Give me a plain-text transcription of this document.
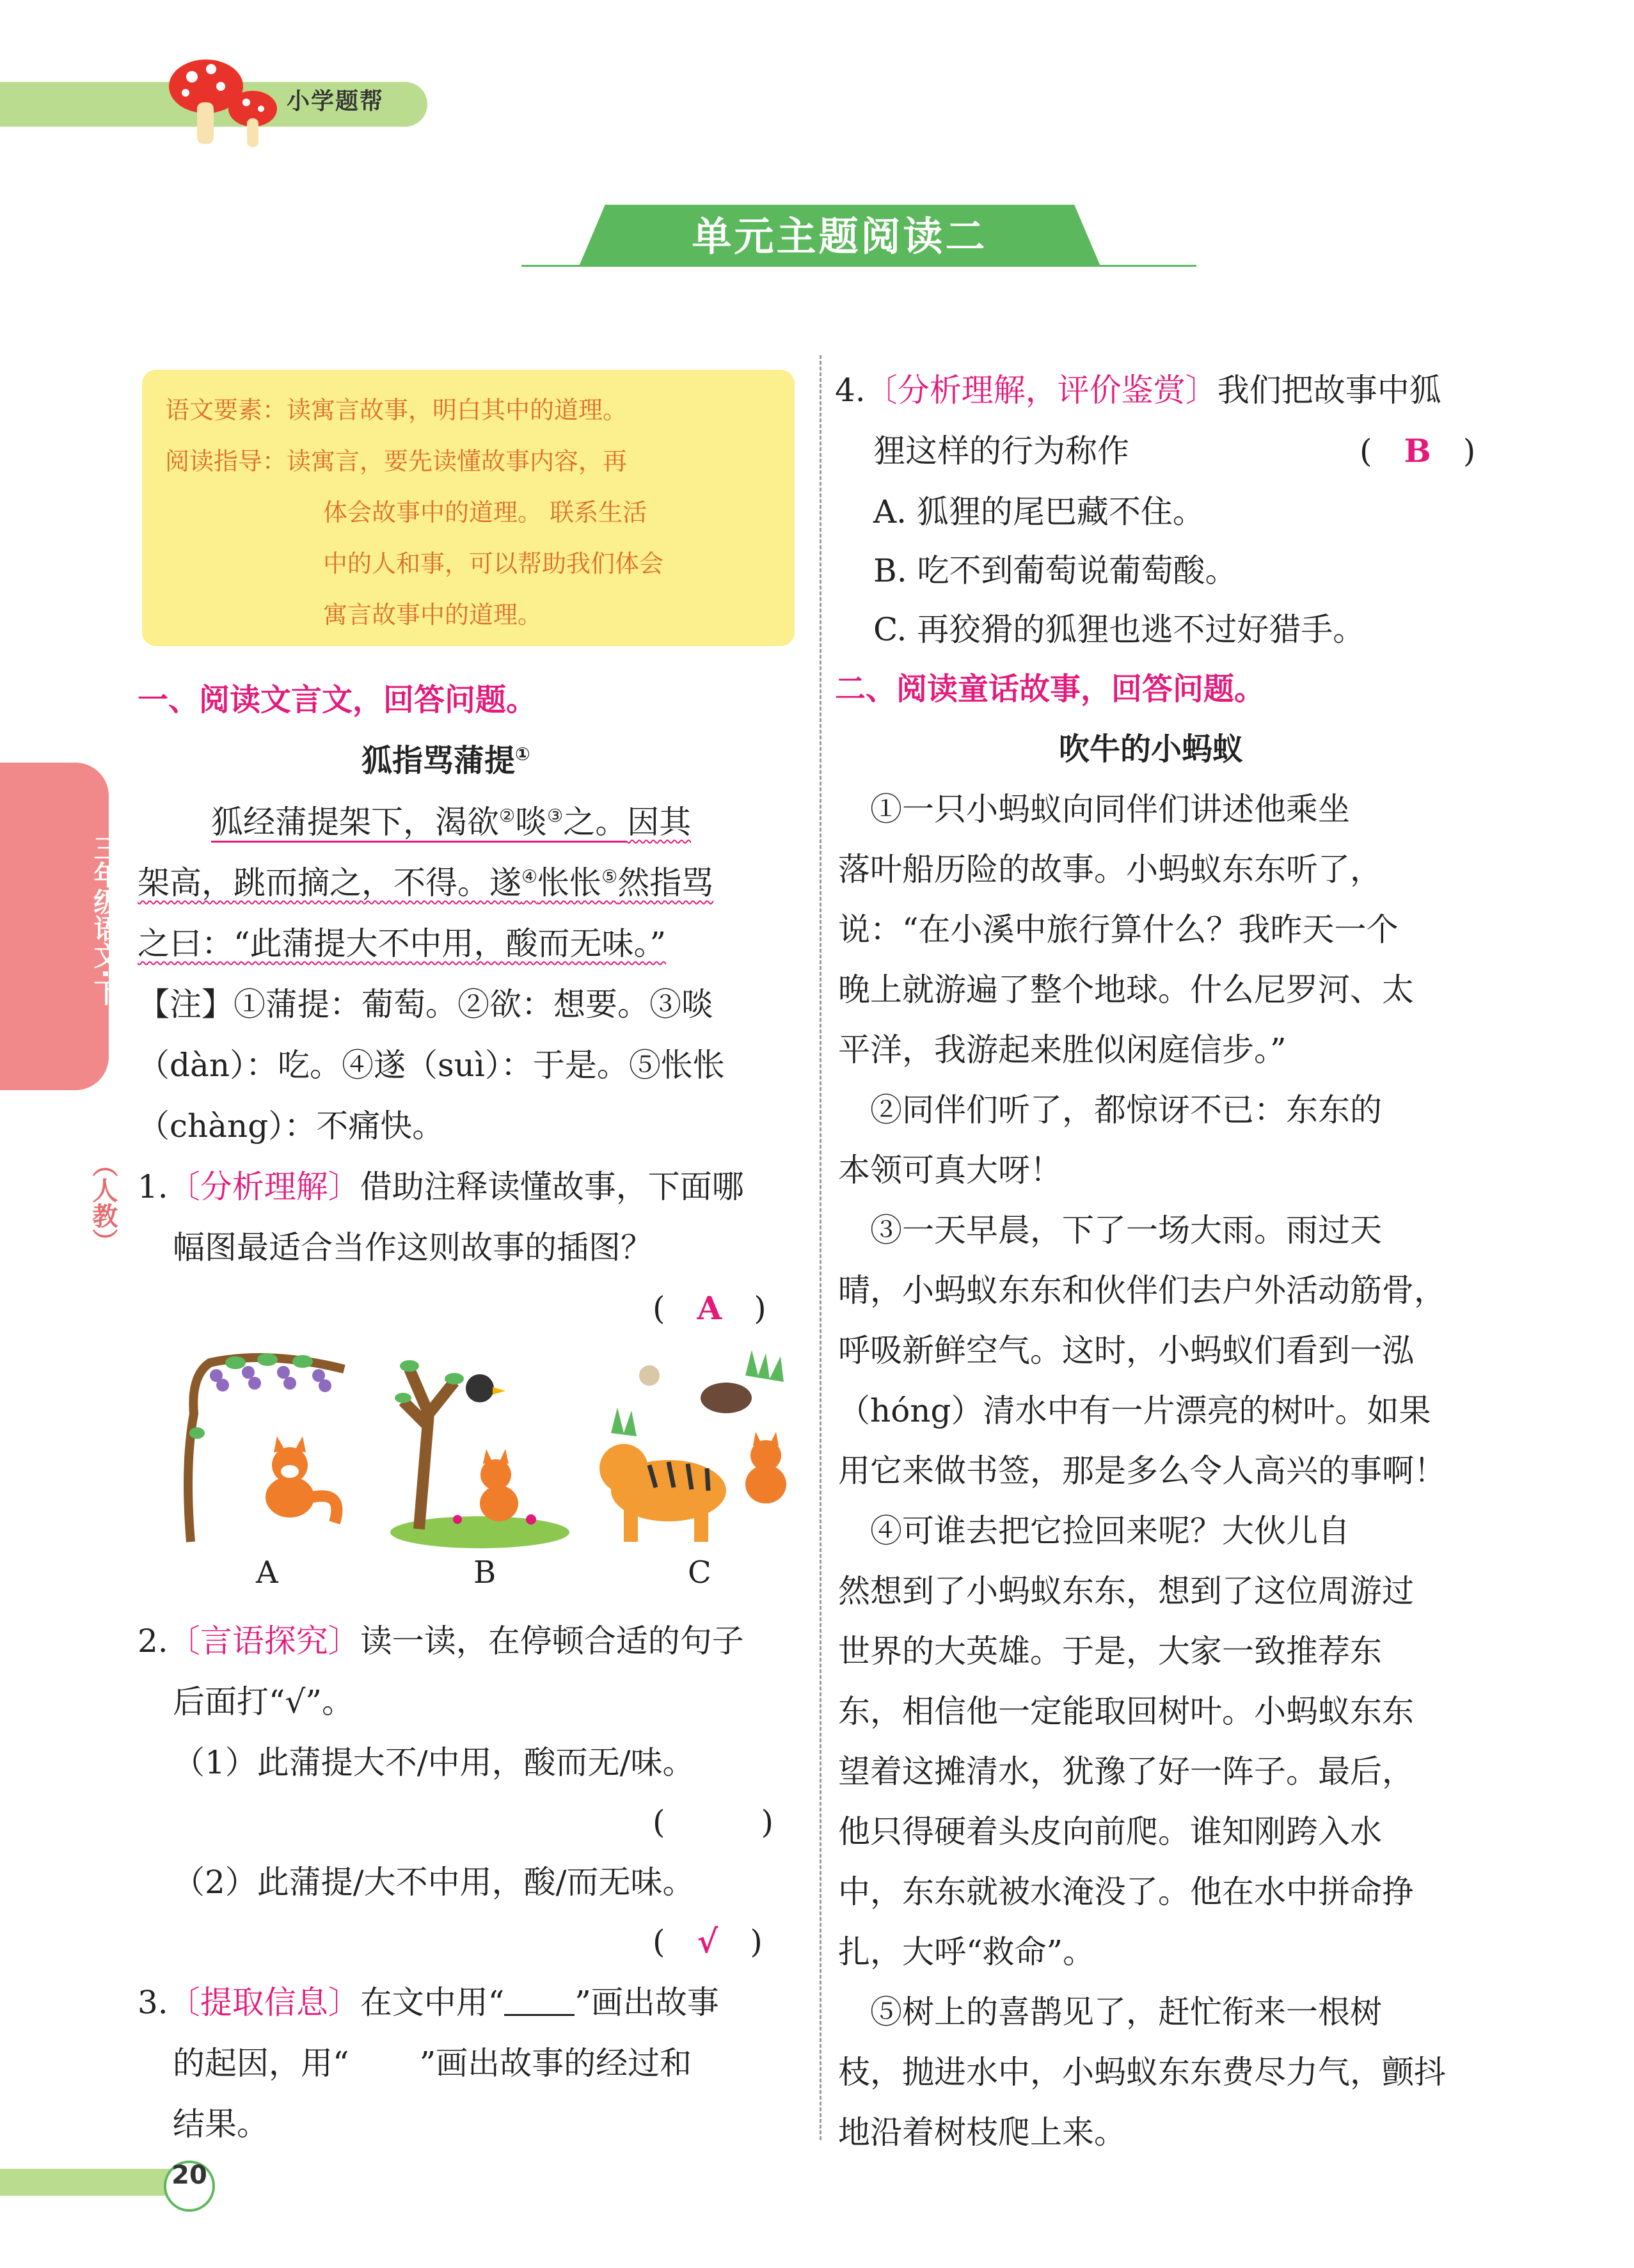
小学题帮
单元主题阅读二

三年级语文·下

（人教）

语文要素：读寓言故事，明白其中的道理。
阅读指导：读寓言，要先读懂故事内容，再
体会故事中的道理。 联系生活
中的人和事，可以帮助我们体会
寓言故事中的道理。
一、阅读文言文，回答问题。
狐指骂蒲提①
狐经蒲提架下，渴欲②啖③之。因其
架高，跳而摘之，不得。遂④怅怅⑤然指骂
之曰：“此蒲提大不中用，酸而无味。”
【注】①蒲提：葡萄。②欲：想要。③啖
（dàn）：吃。④遂（suì）：于是。⑤怅怅
（chàng）：不痛快。
1.〔分析理解〕借助注释读懂故事，下面哪
幅图最适合当作这则故事的插图？
(　A　)
A	B	C
2.〔言语探究〕读一读，在停顿合适的句子
后面打“√”。
（1）此蒲提大不/中用，酸而无/味。
(　　)
（2）此蒲提/大不中用，酸/而无味。
(　√　)
3.〔提取信息〕在文中用“ ”画出故事
的起因，用“ ”画出故事的经过和
结果。
4.〔分析理解，评价鉴赏〕我们把故事中狐
狸这样的行为称作	(　B　)
A. 狐狸的尾巴藏不住。
B. 吃不到葡萄说葡萄酸。
C. 再狡猾的狐狸也逃不过好猎手。
二、阅读童话故事，回答问题。
吹牛的小蚂蚁
　①一只小蚂蚁向同伴们讲述他乘坐
落叶船历险的故事。小蚂蚁东东听了，
说：“在小溪中旅行算什么？我昨天一个
晚上就游遍了整个地球。什么尼罗河、太
平洋，我游起来胜似闲庭信步。”
　②同伴们听了，都惊讶不已：东东的
本领可真大呀！
　③一天早晨，下了一场大雨。雨过天
晴，小蚂蚁东东和伙伴们去户外活动筋骨，
呼吸新鲜空气。这时，小蚂蚁们看到一泓
（hóng）清水中有一片漂亮的树叶。如果
用它来做书签，那是多么令人高兴的事啊！
　④可谁去把它捡回来呢？大伙儿自
然想到了小蚂蚁东东，想到了这位周游过
世界的大英雄。于是，大家一致推荐东
东，相信他一定能取回树叶。小蚂蚁东东
望着这摊清水，犹豫了好一阵子。最后，
他只得硬着头皮向前爬。谁知刚跨入水
中，东东就被水淹没了。他在水中拼命挣
扎，大呼“救命”。
　⑤树上的喜鹊见了，赶忙衔来一根树
枝，抛进水中，小蚂蚁东东费尽力气，颤抖
地沿着树枝爬上来。
20
